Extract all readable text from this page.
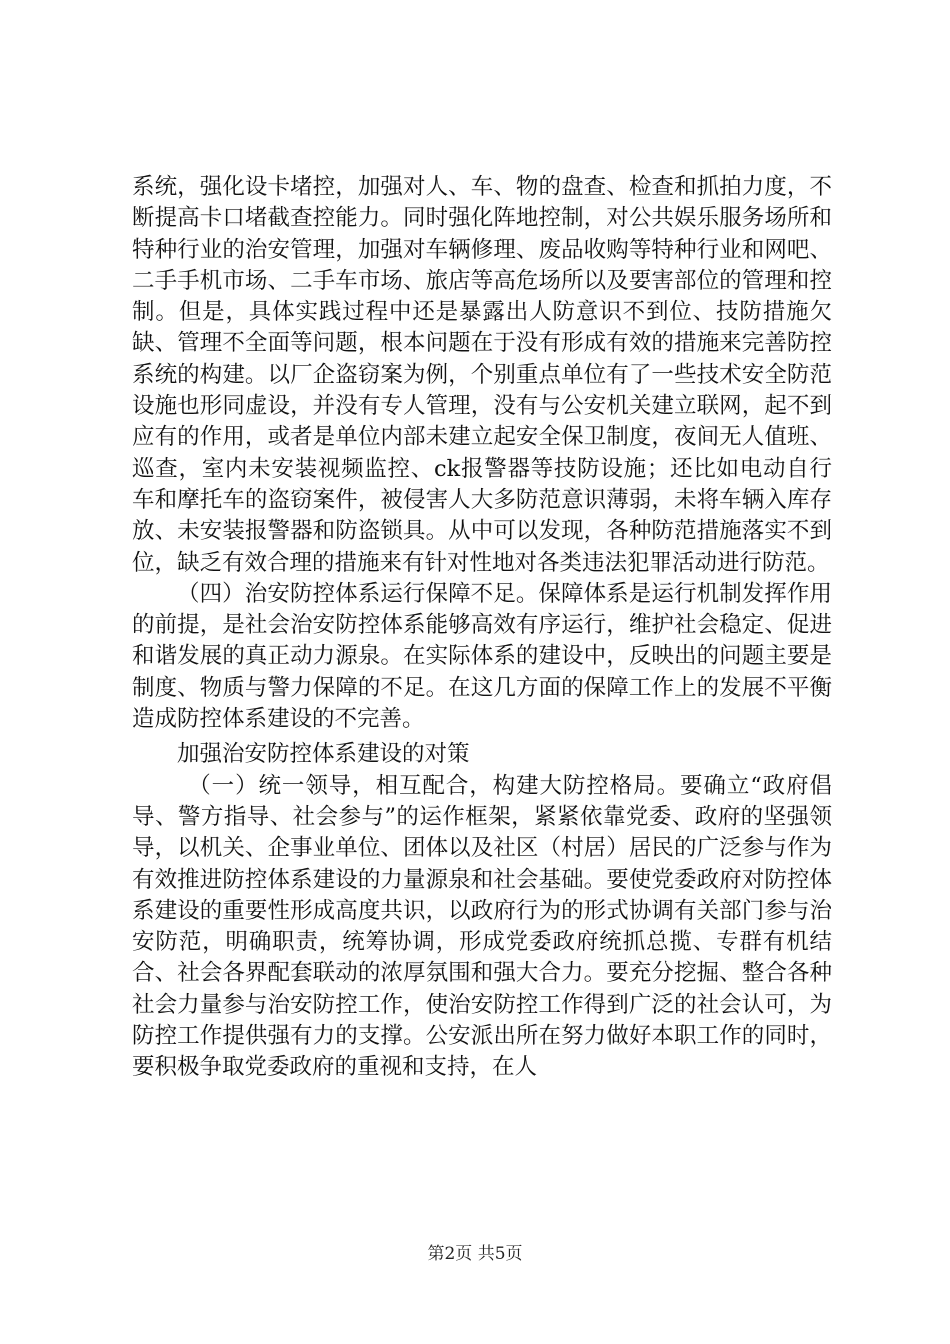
系统，强化设卡堵控，加强对人、车、物的盘查、检查和抓拍力度，不断提高卡口堵截查控能力。同时强化阵地控制，对公共娱乐服务场所和特种行业的治安管理，加强对车辆修理、废品收购等特种行业和网吧、二手手机市场、二手车市场、旅店等高危场所以及要害部位的管理和控制。但是，具体实践过程中还是暴露出人防意识不到位、技防措施欠缺、管理不全面等问题，根本问题在于没有形成有效的措施来完善防控系统的构建。以厂企盗窃案为例，个别重点单位有了一些技术安全防范设施也形同虚设，并没有专人管理，没有与公安机关建立联网，起不到应有的作用，或者是单位内部未建立起安全保卫制度，夜间无人值班、巡查，室内未安装视频监控、ck报警器等技防设施；还比如电动自行车和摩托车的盗窃案件，被侵害人大多防范意识薄弱，未将车辆入库存放、未安装报警器和防盗锁具。从中可以发现，各种防范措施落实不到位，缺乏有效合理的措施来有针对性地对各类违法犯罪活动进行防范。

（四）治安防控体系运行保障不足。保障体系是运行机制发挥作用的前提，是社会治安防控体系能够高效有序运行，维护社会稳定、促进和谐发展的真正动力源泉。在实际体系的建设中，反映出的问题主要是制度、物质与警力保障的不足。在这几方面的保障工作上的发展不平衡造成防控体系建设的不完善。

加强治安防控体系建设的对策

（一）统一领导，相互配合，构建大防控格局。要确立“政府倡导、警方指导、社会参与”的运作框架，紧紧依靠党委、政府的坚强领导，以机关、企事业单位、团体以及社区（村居）居民的广泛参与作为有效推进防控体系建设的力量源泉和社会基础。要使党委政府对防控体系建设的重要性形成高度共识，以政府行为的形式协调有关部门参与治安防范，明确职责，统筹协调，形成党委政府统抓总揽、专群有机结合、社会各界配套联动的浓厚氛围和强大合力。要充分挖掘、整合各种社会力量参与治安防控工作，使治安防控工作得到广泛的社会认可，为防控工作提供强有力的支撑。公安派出所在努力做好本职工作的同时，要积极争取党委政府的重视和支持，在人

第2页 共5页
